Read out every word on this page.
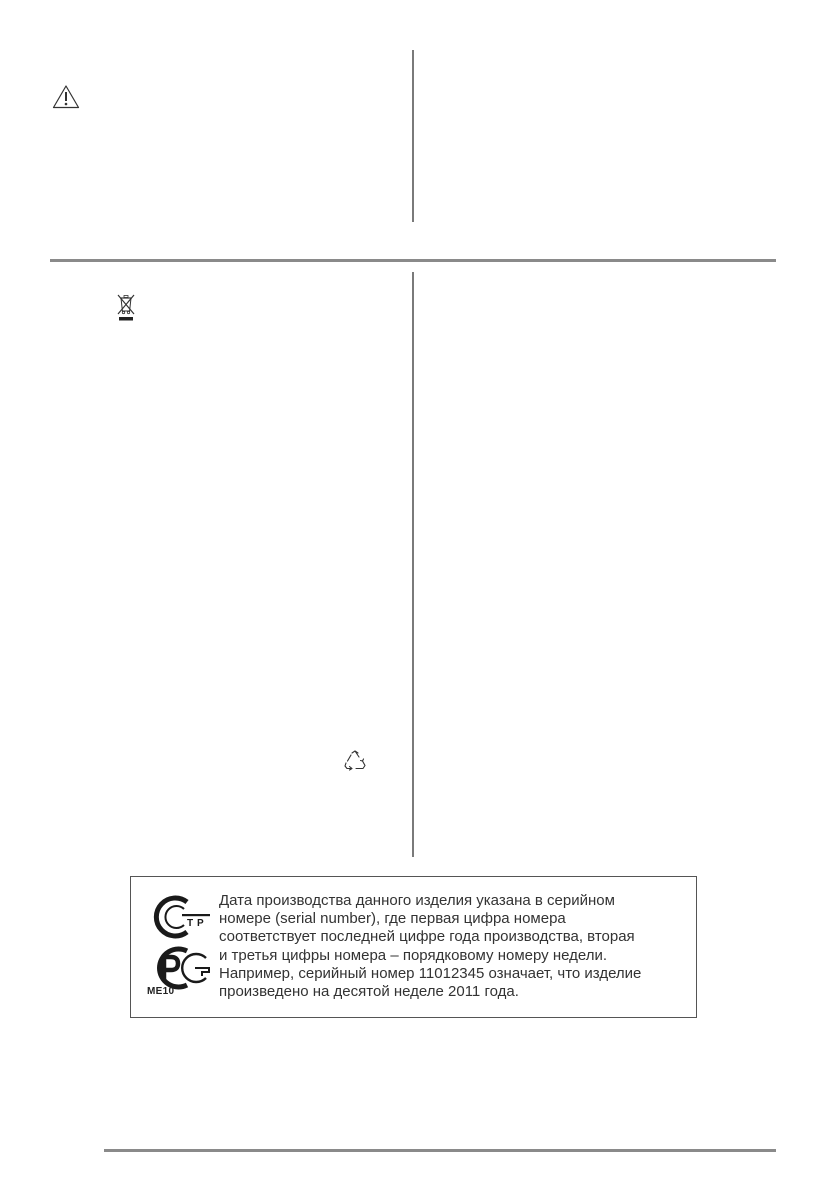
Т Р
ME10
Дата производства данного изделия указана в серийном
номере (serial number), где первая цифра номера
соответствует последней цифре года производства, вторая
и третья цифры номера – порядковому номеру недели.
Например, серийный номер 11012345 означает, что изделие
произведено на десятой неделе 2011 года.
